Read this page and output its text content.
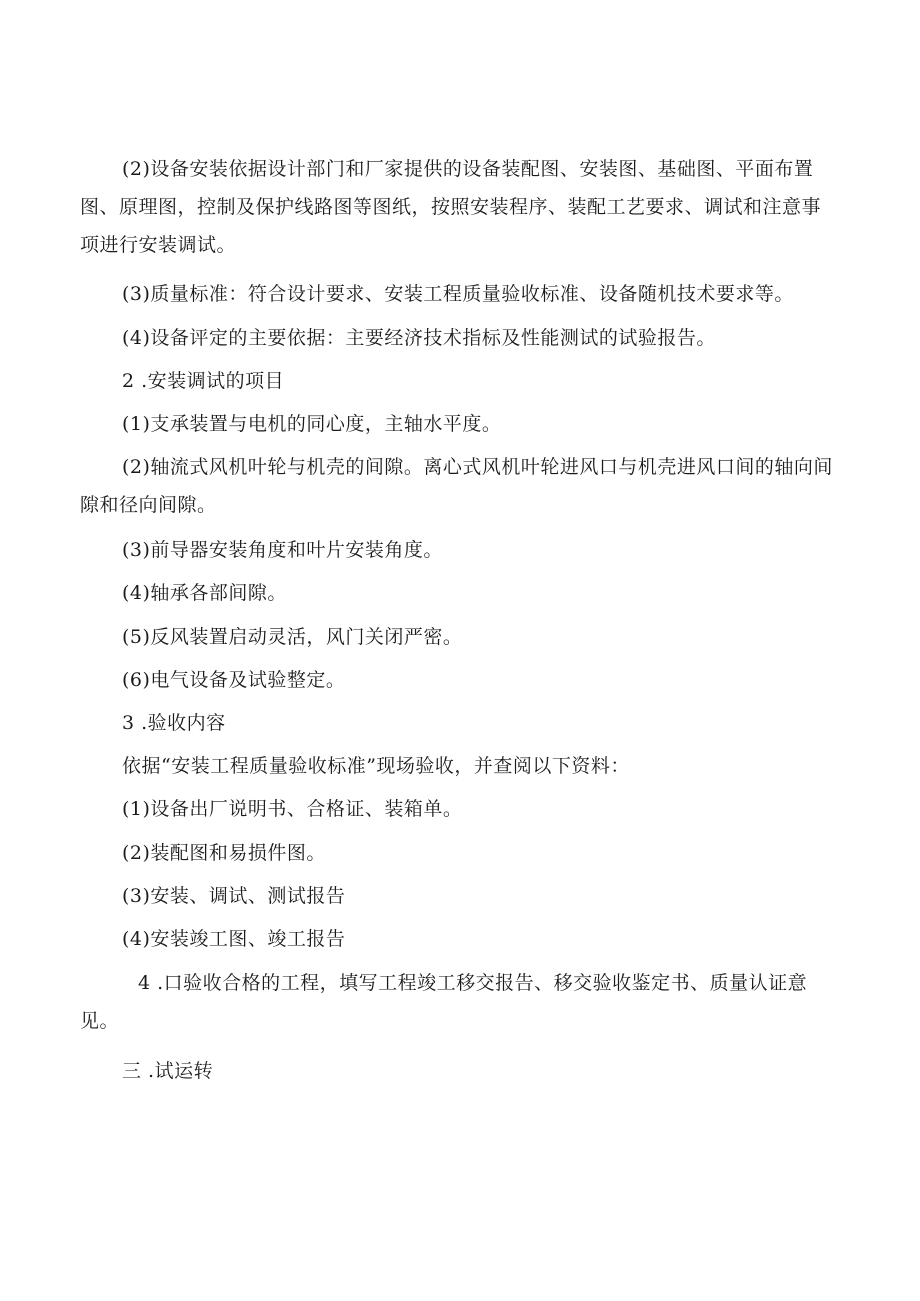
(2)设备安装依据设计部门和厂家提供的设备装配图、安装图、基础图、平面布置图、原理图，控制及保护线路图等图纸，按照安装程序、装配工艺要求、调试和注意事项进行安装调试。

(3)质量标准：符合设计要求、安装工程质量验收标准、设备随机技术要求等。

(4)设备评定的主要依据：主要经济技术指标及性能测试的试验报告。

2 .安装调试的项目

(1)支承装置与电机的同心度，主轴水平度。

(2)轴流式风机叶轮与机壳的间隙。离心式风机叶轮进风口与机壳进风口间的轴向间隙和径向间隙。

(3)前导器安装角度和叶片安装角度。

(4)轴承各部间隙。

(5)反风装置启动灵活，风门关闭严密。

(6)电气设备及试验整定。

3 .验收内容

依据“安装工程质量验收标准”现场验收，并查阅以下资料：

(1)设备出厂说明书、合格证、装箱单。

(2)装配图和易损件图。

(3)安装、调试、测试报告

(4)安装竣工图、竣工报告

4 .口验收合格的工程，填写工程竣工移交报告、移交验收鉴定书、质量认证意见。

三 .试运转
